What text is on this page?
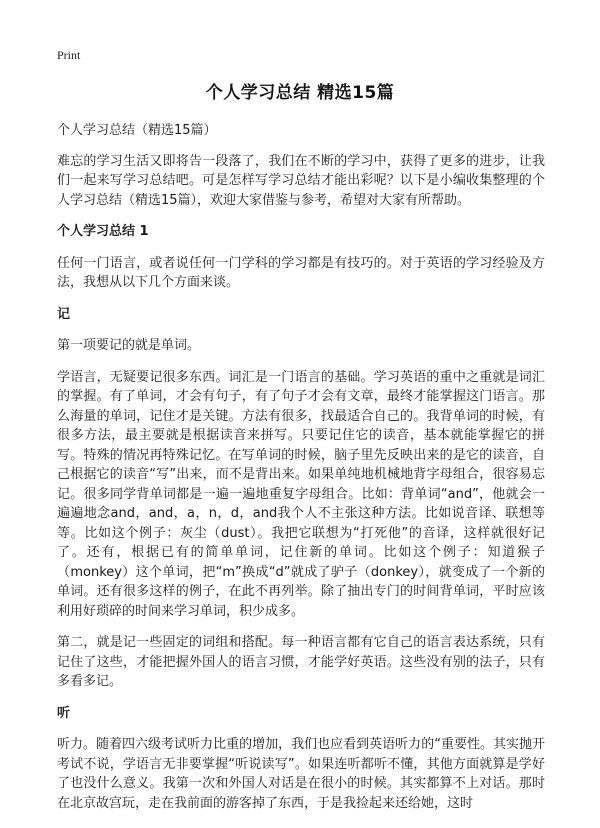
Print
个人学习总结 精选15篇

个人学习总结（精选15篇）

难忘的学习生活又即将告一段落了，我们在不断的学习中，获得了更多的进步，让我们一起来写学习总结吧。可是怎样写学习总结才能出彩呢？以下是小编收集整理的个人学习总结（精选15篇），欢迎大家借鉴与参考，希望对大家有所帮助。

个人学习总结 1

任何一门语言，或者说任何一门学科的学习都是有技巧的。对于英语的学习经验及方法，我想从以下几个方面来谈。

记

第一项要记的就是单词。

学语言，无疑要记很多东西。词汇是一门语言的基础。学习英语的重中之重就是词汇的掌握。有了单词，才会有句子，有了句子才会有文章，最终才能掌握这门语言。那么海量的单词，记住才是关键。方法有很多，找最适合自己的。我背单词的时候，有很多方法，最主要就是根据读音来拼写。只要记住它的读音，基本就能掌握它的拼写。特殊的情况再特殊记忆。在写单词的时候，脑子里先反映出来的是它的读音，自己根据它的读音“写”出来，而不是背出来。如果单纯地机械地背字母组合，很容易忘记。很多同学背单词都是一遍一遍地重复字母组合。比如：背单词“and”，他就会一遍遍地念and，and，a，n，d，and我个人不主张这种方法。比如说音译、联想等等。比如这个例子：灰尘（dust）。我把它联想为“打死他”的音译，这样就很好记了。还有，根据已有的简单单词，记住新的单词。比如这个例子：知道猴子（monkey）这个单词，把“m”换成“d”就成了驴子（donkey），就变成了一个新的单词。还有很多这样的例子，在此不再列举。除了抽出专门的时间背单词，平时应该利用好琐碎的时间来学习单词，积少成多。

第二，就是记一些固定的词组和搭配。每一种语言都有它自己的语言表达系统，只有记住了这些，才能把握外国人的语言习惯，才能学好英语。这些没有别的法子，只有多看多记。

听

听力。随着四六级考试听力比重的增加，我们也应看到英语听力的“重要性。其实抛开考试不说，学语言无非要掌握“听说读写”。如果连听都听不懂，其他方面就算是学好了也没什么意义。我第一次和外国人对话是在很小的时候。其实都算不上对话。那时在北京故宫玩，走在我前面的游客掉了东西，于是我捡起来还给她，这时
